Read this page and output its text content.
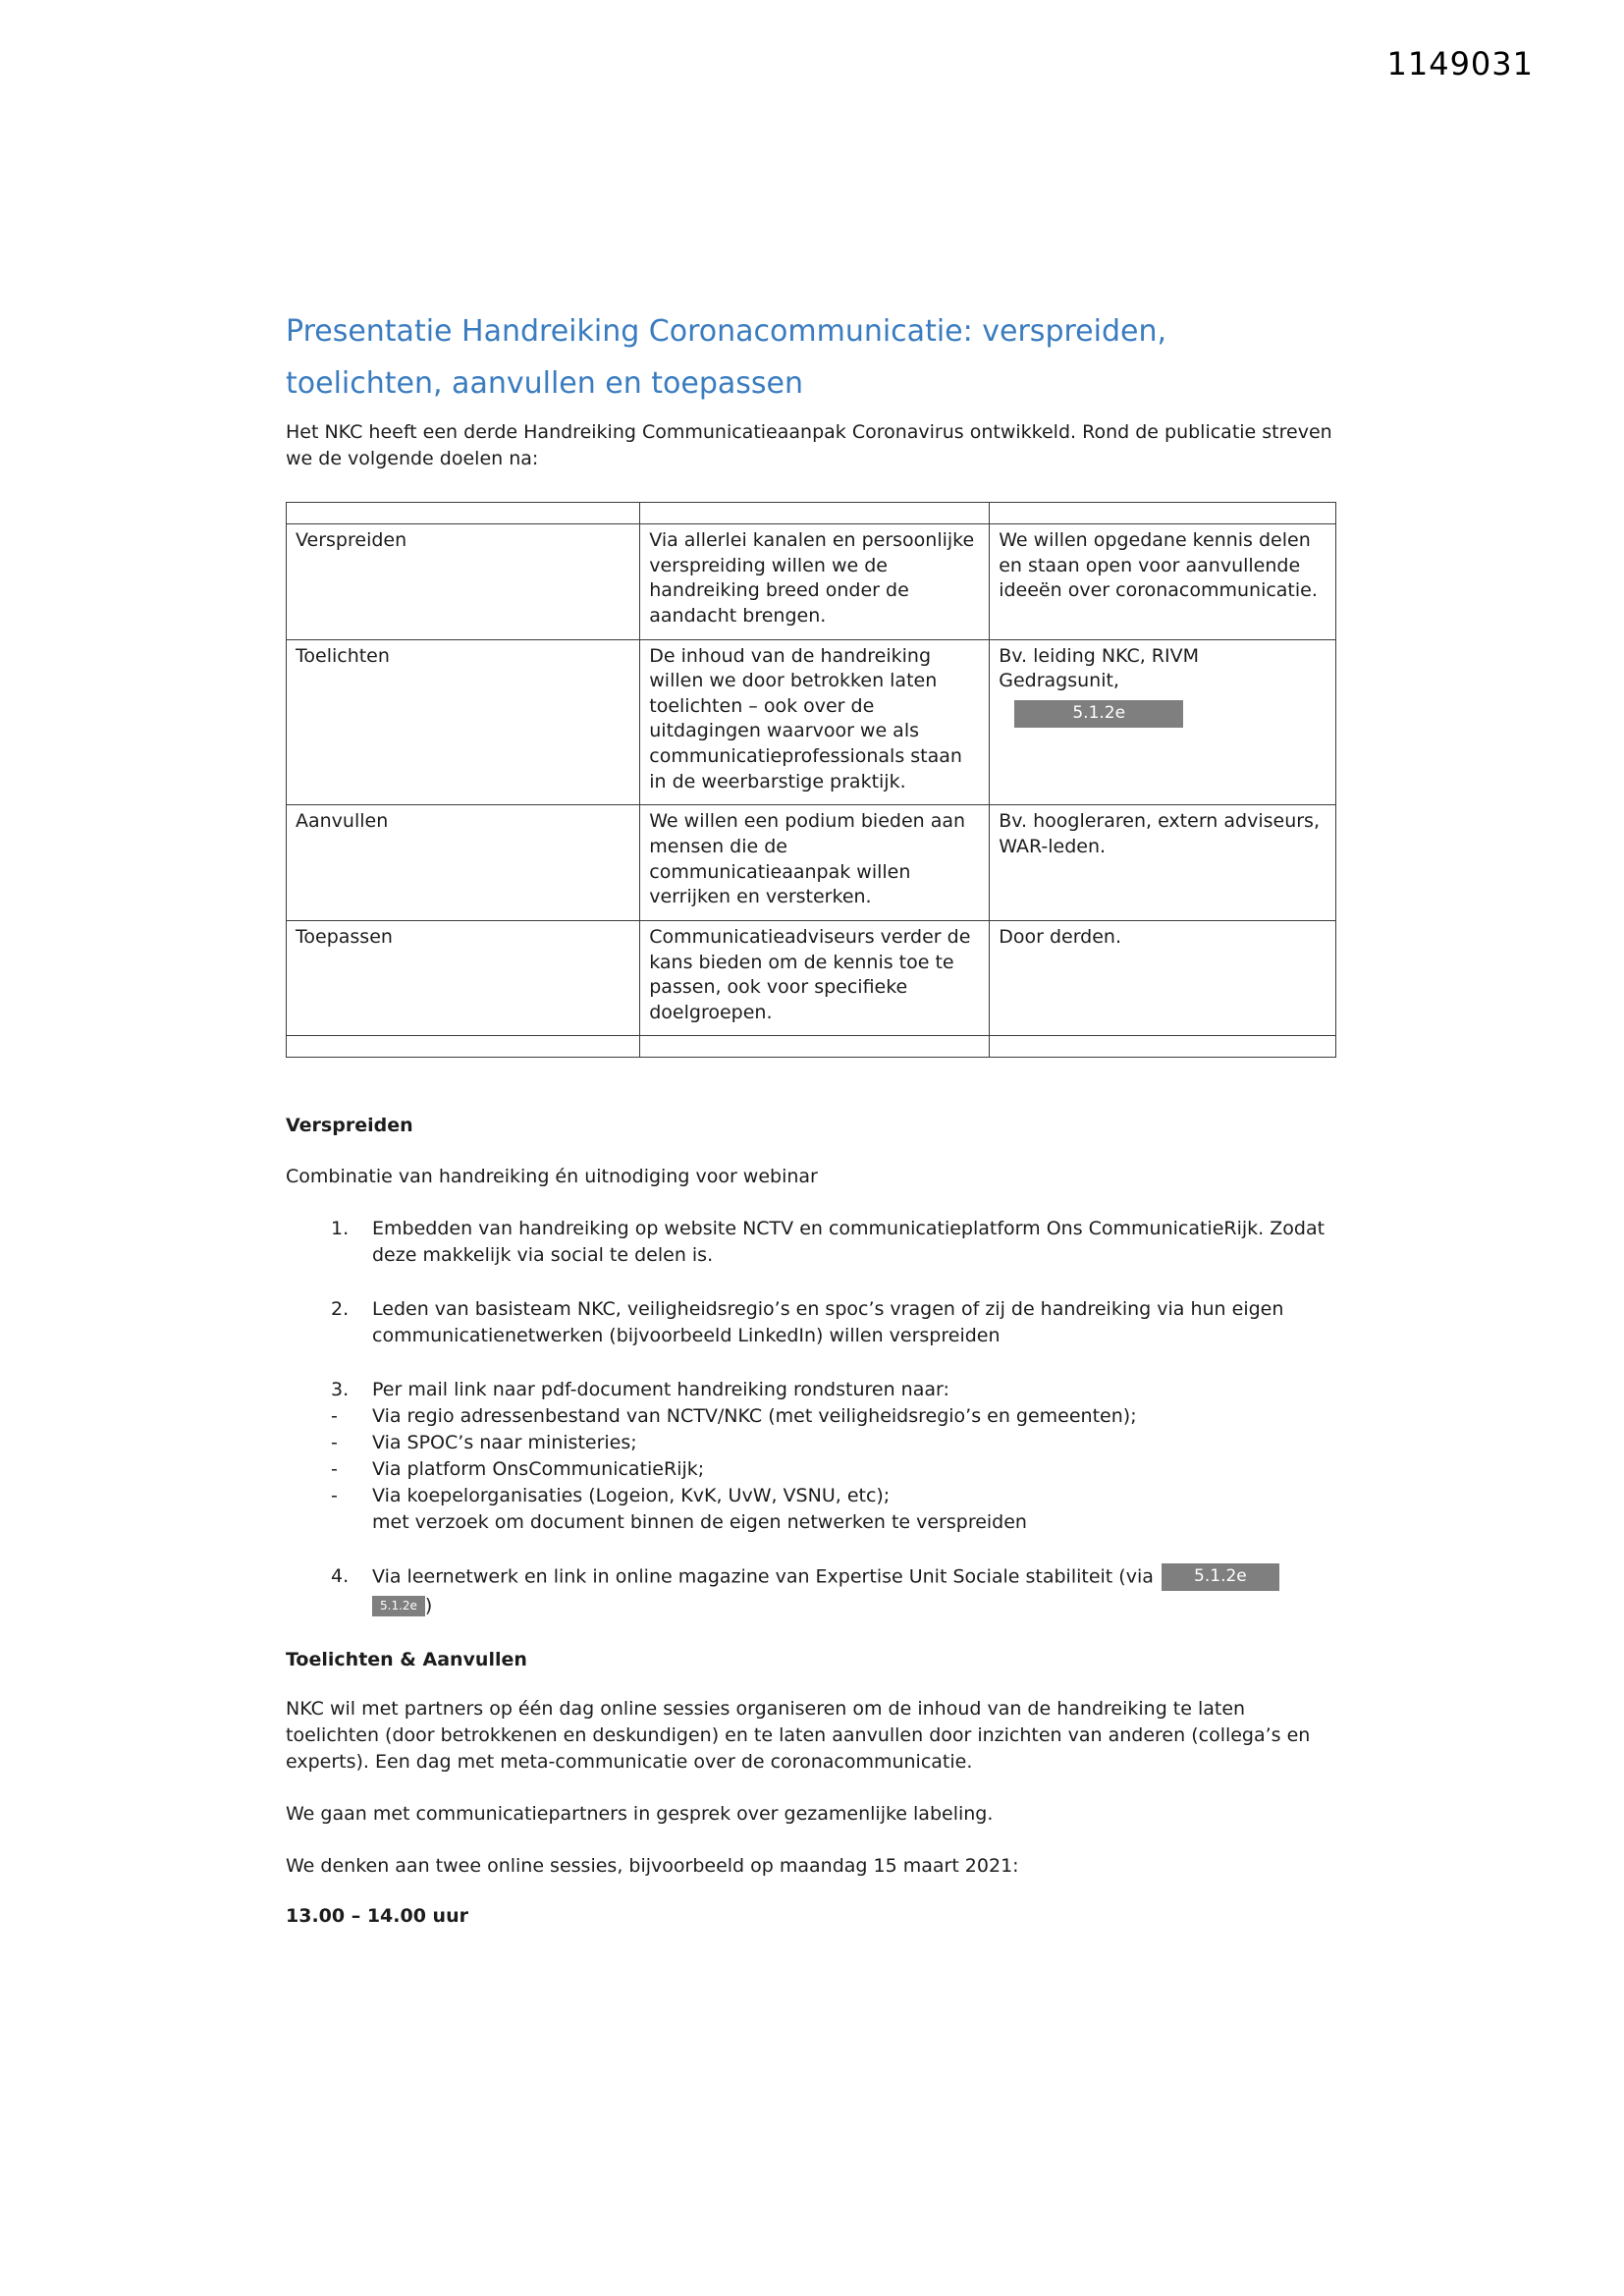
1149031
Presentatie Handreiking Coronacommunicatie: verspreiden,
toelichten, aanvullen en toepassen

Het NKC heeft een derde Handreiking Communicatieaanpak Coronavirus ontwikkeld. Rond de publicatie streven we de volgende doelen na:

Verspreiden	Via allerlei kanalen en persoonlijke verspreiding willen we de handreiking breed onder de aandacht brengen.	We willen opgedane kennis delen en staan open voor aanvullende ideeën over coronacommunicatie.
Toelichten	De inhoud van de handreiking willen we door betrokken laten toelichten – ook over de uitdagingen waarvoor we als communicatieprofessionals staan in de weerbarstige praktijk.	Bv. leiding NKC, RIVM Gedragsunit,
5.1.2e

Aanvullen	We willen een podium bieden aan mensen die de communicatieaanpak willen verrijken en versterken.	Bv. hoogleraren, extern adviseurs, WAR-leden.
Toepassen	Communicatieadviseurs verder de kans bieden om de kennis toe te passen, ook voor specifieke doelgroepen.	Door derden.

Verspreiden

Combinatie van handreiking én uitnodiging voor webinar

1.	Embedden van handreiking op website NCTV en communicatieplatform Ons CommunicatieRijk. Zodat deze makkelijk via social te delen is.
2.	Leden van basisteam NKC, veiligheidsregio’s en spoc’s vragen of zij de handreiking via hun eigen communicatienetwerken (bijvoorbeeld LinkedIn) willen verspreiden
3.	Per mail link naar pdf-document handreiking rondsturen naar:
-	Via regio adressenbestand van NCTV/NKC (met veiligheidsregio’s en gemeenten);
-	Via SPOC’s naar ministeries;
-	Via platform OnsCommunicatieRijk;
-	Via koepelorganisaties (Logeion, KvK, UvW, VSNU, etc);
met verzoek om document binnen de eigen netwerken te verspreiden
4.	Via leernetwerk en link in online magazine van Expertise Unit Sociale stabiliteit (via 5.1.2e
5.1.2e )
Toelichten & Aanvullen

NKC wil met partners op één dag online sessies organiseren om de inhoud van de handreiking te laten toelichten (door betrokkenen en deskundigen) en te laten aanvullen door inzichten van anderen (collega’s en experts). Een dag met meta-communicatie over de coronacommunicatie.

We gaan met communicatiepartners in gesprek over gezamenlijke labeling.

We denken aan twee online sessies, bijvoorbeeld op maandag 15 maart 2021:

13.00 – 14.00 uur
